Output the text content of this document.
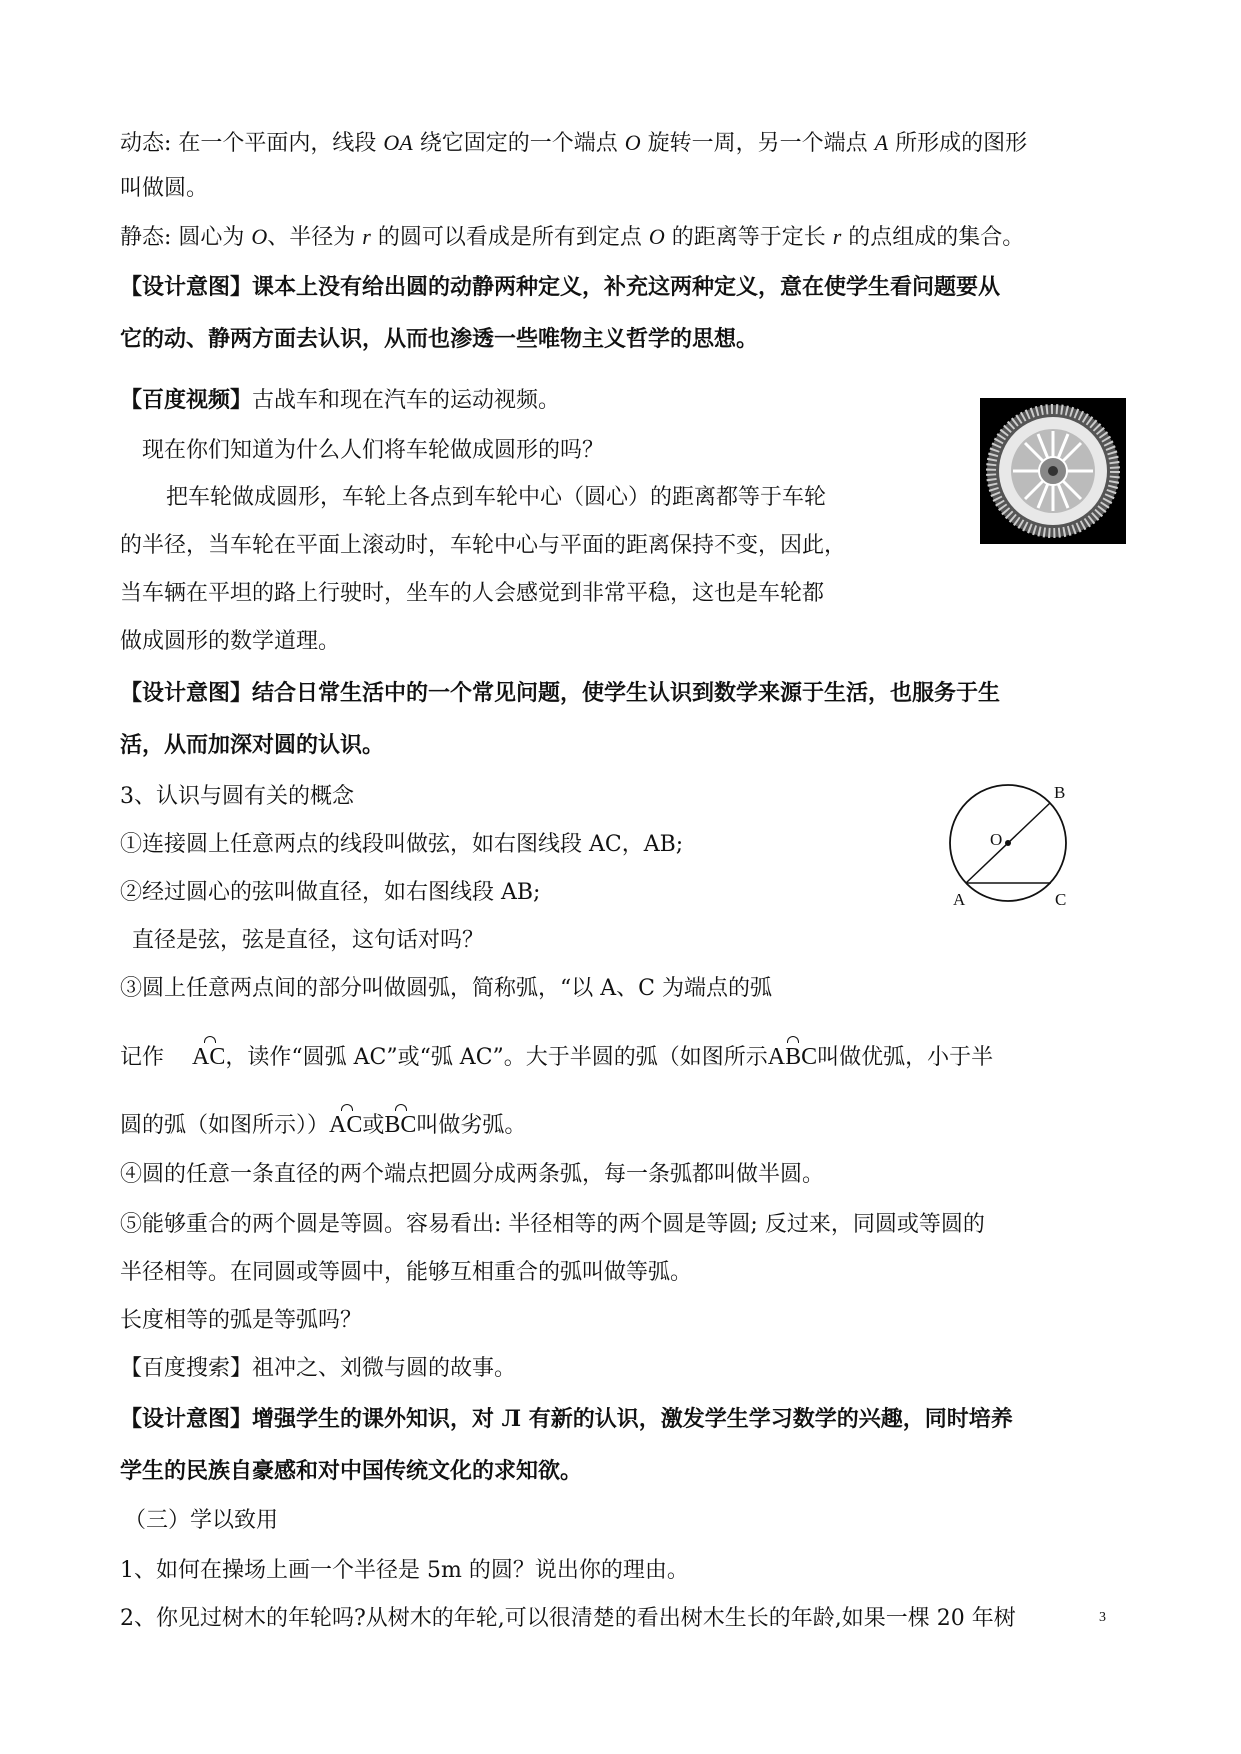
动态: 在一个平面内，线段 OA 绕它固定的一个端点 O 旋转一周，另一个端点 A 所形成的图形
叫做圆。
静态: 圆心为 O、半径为 r 的圆可以看成是所有到定点 O 的距离等于定长 r 的点组成的集合。
【设计意图】课本上没有给出圆的动静两种定义，补充这两种定义，意在使学生看问题要从
它的动、静两方面去认识，从而也渗透一些唯物主义哲学的思想。
【百度视频】古战车和现在汽车的运动视频。
现在你们知道为什么人们将车轮做成圆形的吗？
把车轮做成圆形，车轮上各点到车轮中心（圆心）的距离都等于车轮
的半径，当车轮在平面上滚动时，车轮中心与平面的距离保持不变，因此，
当车辆在平坦的路上行驶时，坐车的人会感觉到非常平稳，这也是车轮都
做成圆形的数学道理。
【设计意图】结合日常生活中的一个常见问题，使学生认识到数学来源于生活，也服务于生
活，从而加深对圆的认识。
3、认识与圆有关的概念
①连接圆上任意两点的线段叫做弦，如右图线段 AC，AB;
②经过圆心的弦叫做直径，如右图线段 AB;
直径是弦，弦是直径，这句话对吗？
③圆上任意两点间的部分叫做圆弧，简称弧，“以 A、C 为端点的弧
记作 AC，读作“圆弧 AC”或“弧 AC”。大于半圆的弧（如图所示ABC叫做优弧，小于半
圆的弧（如图所示））AC或BC叫做劣弧。
④圆的任意一条直径的两个端点把圆分成两条弧，每一条弧都叫做半圆。
⑤能够重合的两个圆是等圆。容易看出: 半径相等的两个圆是等圆; 反过来，同圆或等圆的
半径相等。在同圆或等圆中，能够互相重合的弧叫做等弧。
长度相等的弧是等弧吗？
【百度搜索】祖冲之、刘微与圆的故事。
【设计意图】增强学生的课外知识，对 Л 有新的认识，激发学生学习数学的兴趣，同时培养
学生的民族自豪感和对中国传统文化的求知欲。
（三）学以致用
1、如何在操场上画一个半径是 5m 的圆？说出你的理由。
2、你见过树木的年轮吗?从树木的年轮,可以很清楚的看出树木生长的年龄,如果一棵 20 年树
B
O
A	C
3
